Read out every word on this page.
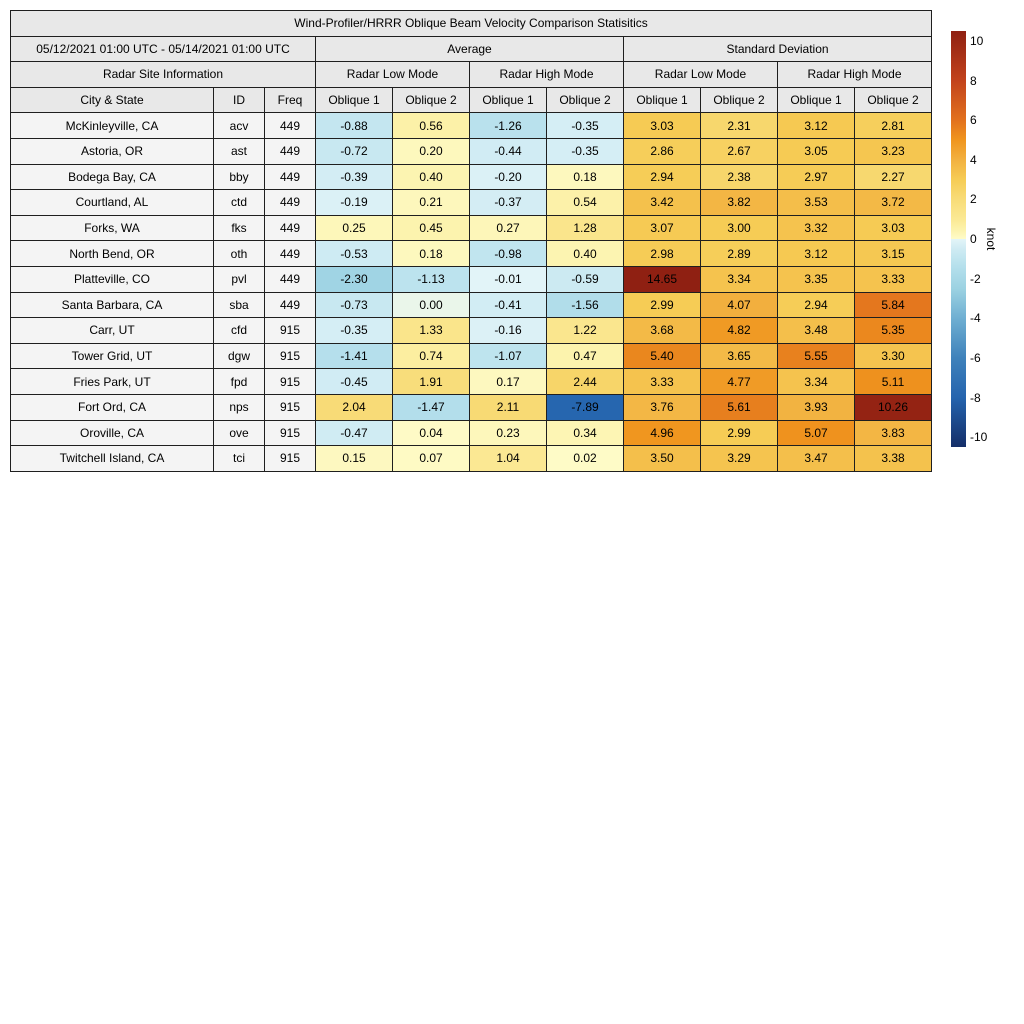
Wind-Profiler/HRRR Oblique Beam Velocity Comparison Statisitics										
05/12/2021 01:00 UTC - 05/14/2021 01:00 UTC			Average				Standard Deviation			
Radar Site Information			Radar Low Mode		Radar High Mode		Radar Low Mode		Radar High Mode	
City & State	ID	Freq	Oblique 1	Oblique 2	Oblique 1	Oblique 2	Oblique 1	Oblique 2	Oblique 1	Oblique 2
McKinleyville, CA	acv	449	-0.88	0.56	-1.26	-0.35	3.03	2.31	3.12	2.81
Astoria, OR	ast	449	-0.72	0.20	-0.44	-0.35	2.86	2.67	3.05	3.23
Bodega Bay, CA	bby	449	-0.39	0.40	-0.20	0.18	2.94	2.38	2.97	2.27
Courtland, AL	ctd	449	-0.19	0.21	-0.37	0.54	3.42	3.82	3.53	3.72
Forks, WA	fks	449	0.25	0.45	0.27	1.28	3.07	3.00	3.32	3.03
North Bend, OR	oth	449	-0.53	0.18	-0.98	0.40	2.98	2.89	3.12	3.15
Platteville, CO	pvl	449	-2.30	-1.13	-0.01	-0.59	14.65	3.34	3.35	3.33
Santa Barbara, CA	sba	449	-0.73	0.00	-0.41	-1.56	2.99	4.07	2.94	5.84
Carr, UT	cfd	915	-0.35	1.33	-0.16	1.22	3.68	4.82	3.48	5.35
Tower Grid, UT	dgw	915	-1.41	0.74	-1.07	0.47	5.40	3.65	5.55	3.30
Fries Park, UT	fpd	915	-0.45	1.91	0.17	2.44	3.33	4.77	3.34	5.11
Fort Ord, CA	nps	915	2.04	-1.47	2.11	-7.89	3.76	5.61	3.93	10.26
Oroville, CA	ove	915	-0.47	0.04	0.23	0.34	4.96	2.99	5.07	3.83
Twitchell Island, CA	tci	915	0.15	0.07	1.04	0.02	3.50	3.29	3.47	3.38
10
8
6
4
2
0
-2
-4
-6
-8
-10
knot
